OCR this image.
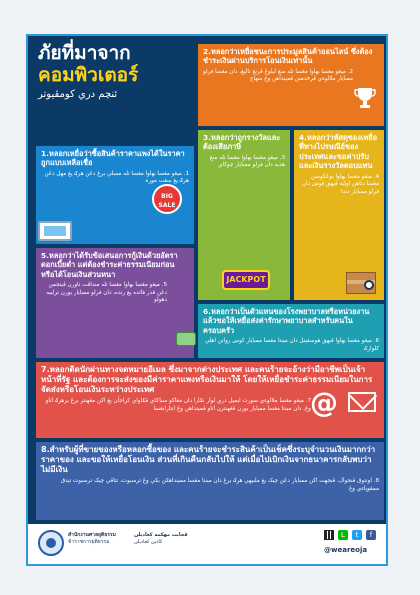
ภัยที่มาจาก
คอมพิวเตอร์
ئنچم دري كومڤيوتر
1.หลอกเหยื่อว่าซื้อสินค้าราคาแพงได้ในราคาถูกแบบเหลือเชื่อ
1. ميڠو مڠسا بهاوا مڠسا تله ممبلي برڠ دڠن هرݢ يڠ مهل دڠن هرݢ يڠ سڠت مورة
2.หลอกว่าเหยื่อชนะการประมูลสินค้าออนไลน์ ซึ่งต้องชำระเงินผ่านบริการโอนเงินเท่านั้น
2. ميڠو مڠسا بهاوا مڠسا تله منڠ ليلوڠ ڤرنڠ تاليڠ، دان مڠسا فرلو ممبايار ملالوءي ڤرخدمتن ڤمينداهن وڠ سهاج
3.หลอกว่าถูกรางวัลและต้องเสียภาษี
3. ميڠو مڠسا بهاوا مڠسا تله منڠ هديه دان فرلو ممبايار چوکاي
4.หลอกว่าพัสดุของเหยื่อที่ทางไปรษณีย์ของประเทศและขอค่าปรับและเงินรางวัลตอบแทน
4. ميڠو مڠسا بهاوا بوڠکوسن مڠسا دتاهن اوليه ڤيهق ڤوس دان فرلو ممبايار دندا
5.หลอกว่าได้รับข้อเสนอการกู้เงินด้วยอัตราดอกเบี้ยต่ำ แต่ต้องชำระค่าธรรมเนียมก่อน หรือได้โอนเงินส่วนหนา
5. ميڠو مڠسا بهاوا مڠسا تله منداڤت تاورن ڤينجمن دڠن قدر فائده يڠ رنده، دان فرلو ممبايار يورن ترلبيه دهولو
6.หลอกว่าเป็นตัวแทนของโรงพยาบาลหรือหน่วยงานแล้วขอให้เหยื่อส่งค่ารักษาพยาบาลสำหรับคนในครอบครัว
6. ميڠو مڠسا بهاوا ڤيهق هوسڤيتل دان مينتا مڠسا ممبايار کوس رواتن اهلي کلوارݢ
7.หลอกติดนักผ่านทางจดหมายอีเมล ซึ่งมาจากต่างประเทศ และคนร้ายจะอ้างว่ามีอาชีพเป็นเจ้าหน้าที่รัฐ และต้องการจะส่งของมีค่าราคาแพงหรือเงินมาให้ โดยให้เหยื่อชำระค่าธรรมเนียมในการจัดส่งหรือโอนเงินระหว่างประเทศ
7. ميڠو مڠسا ملالوءي سورت ايميل دري لوار نݢارا دان مڠاکو سباݢاي ڤݢاواي کراجأن يڠ اکن مڠهنتر برڠ برهرݢ اتاو وڠ، دان مينتا مڠسا ممبايار يورن ڤڠهنترن اتاو ڤمينداهن وڠ انتارابڠسا
8.สำหรับผู้ที่ขายของหรือหลอกซื้อของ และคนร้ายจะชำระสินค้าเป็นเช็คซึ่งระบุจำนวนเงินมากกว่าราคาของ และขอให้เหยื่อโอนเงิน ส่วนที่เกินคืนกลับไปให้ แต่เมื่อไปเบิกเงินจากธนาคารกลับพบว่าไม่มีเงิน
8. اونتوق ڤنجوال، ڤنجهت اکن ممبايار دڠن چيک يڠ ملبيهي هرݢ برڠ دان مينتا مڠسا ممينداهکن بکي وڠ ترسبوت، تتاڤي چيک ترسبوت تيدق ممڤوڽاءي وڠ
BIG
SALE
JACKPOT
@
สำนักงานศาลยุติธรรม
ข้าราชการยุติธรรม
ڤجابت مهکمه کعاديلن
کادين کعاديلن
L	t	f
@weareoja
